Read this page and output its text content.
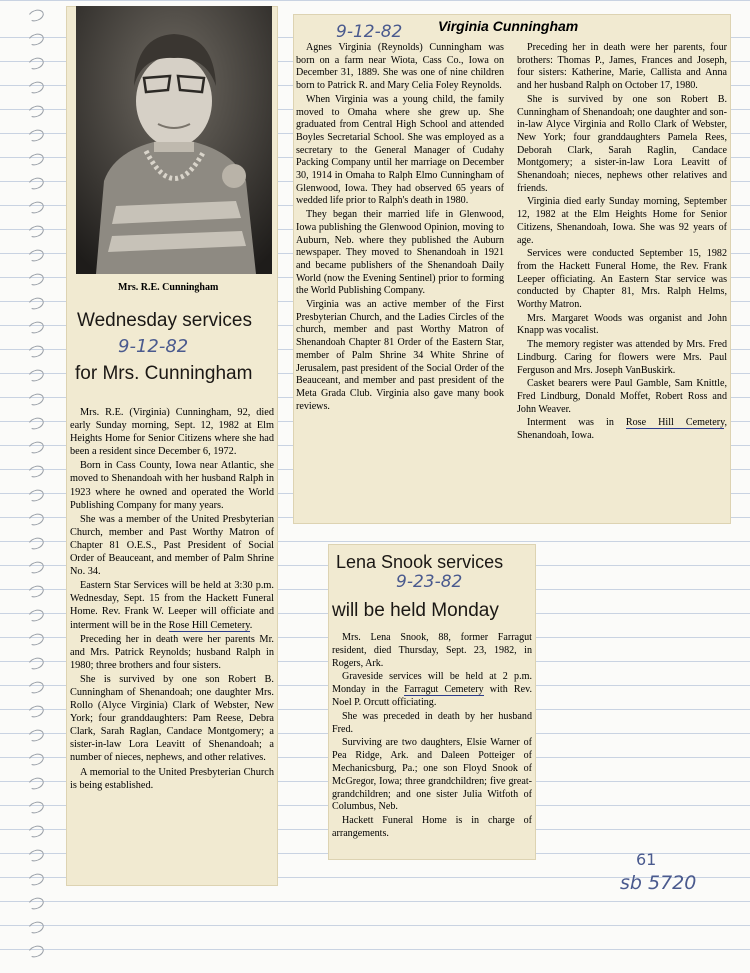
Mrs. R.E. Cunningham
Wednesday services
9-12-82
for Mrs. Cunningham

Mrs. R.E. (Virginia) Cunningham, 92, died early Sunday morning, Sept. 12, 1982 at Elm Heights Home for Senior Citizens where she had been a resident since December 6, 1972.

Born in Cass County, Iowa near Atlantic, she moved to Shenandoah with her husband Ralph in 1923 where he owned and operated the World Publishing Company for many years.

She was a member of the United Presbyterian Church, member and Past Worthy Matron of Chapter 81 O.E.S., Past President of Social Order of Beauceant, and member of Palm Shrine No. 34.

Eastern Star Services will be held at 3:30 p.m. Wednesday, Sept. 15 from the Hackett Funeral Home. Rev. Frank W. Leeper will officiate and interment will be in the Rose Hill Cemetery.

Preceding her in death were her parents Mr. and Mrs. Patrick Reynolds; husband Ralph in 1980; three brothers and four sisters.

She is survived by one son Robert B. Cunningham of Shenandoah; one daughter Mrs. Rollo (Alyce Virginia) Clark of Webster, New York; four granddaughters: Pam Reese, Debra Clark, Sarah Raglan, Candace Montgomery; a sister-in-law Lora Leavitt of Shenandoah; a number of nieces, nephews, and other relatives.

A memorial to the United Presbyterian Church is being established.

9-12-82	Virginia Cunningham

Agnes Virginia (Reynolds) Cunningham was born on a farm near Wiota, Cass Co., Iowa on December 31, 1889. She was one of nine children born to Patrick R. and Mary Celia Foley Reynolds.

When Virginia was a young child, the family moved to Omaha where she grew up. She graduated from Central High School and attended Boyles Secretarial School. She was employed as a secretary to the General Manager of Cudahy Packing Company until her marriage on December 30, 1914 in Omaha to Ralph Elmo Cunningham of Glenwood, Iowa. They had observed 65 years of wedded life prior to Ralph's death in 1980.

They began their married life in Glenwood, Iowa publishing the Glenwood Opinion, moving to Auburn, Neb. where they published the Auburn newspaper. They moved to Shenandoah in 1921 and became publishers of the Shenandoah Daily World (now the Evening Sentinel) prior to forming the World Publishing Company.

Virginia was an active member of the First Presbyterian Church, and the Ladies Circles of the church, member and past Worthy Matron of Shenandoah Chapter 81 Order of the Eastern Star, member of Palm Shrine 34 White Shrine of Jerusalem, past president of the Social Order of the Beauceant, and member and past president of the Meta Grada Club. Virginia also gave many book reviews.

Preceding her in death were her parents, four brothers: Thomas P., James, Frances and Joseph, four sisters: Katherine, Marie, Callista and Anna and her husband Ralph on October 17, 1980.

She is survived by one son Robert B. Cunningham of Shenandoah; one daughter and son-in-law Alyce Virginia and Rollo Clark of Webster, New York; four granddaughters Pamela Rees, Deborah Clark, Sarah Raglin, Candace Montgomery; a sister-in-law Lora Leavitt of Shenandoah; nieces, nephews other relatives and friends.

Virginia died early Sunday morning, September 12, 1982 at the Elm Heights Home for Senior Citizens, Shenandoah, Iowa. She was 92 years of age.

Services were conducted September 15, 1982 from the Hackett Funeral Home, the Rev. Frank Leeper officiating. An Eastern Star service was conducted by Chapter 81, Mrs. Ralph Helms, Worthy Matron.

Mrs. Margaret Woods was organist and John Knapp was vocalist.

The memory register was attended by Mrs. Fred Lindburg. Caring for flowers were Mrs. Paul Ferguson and Mrs. Joseph VanBuskirk.

Casket bearers were Paul Gamble, Sam Knittle, Fred Lindburg, Donald Moffet, Robert Ross and John Weaver.

Interment was in Rose Hill Cemetery, Shenandoah, Iowa.

Lena Snook services
9-23-82
will be held Monday

Mrs. Lena Snook, 88, former Farragut resident, died Thursday, Sept. 23, 1982, in Rogers, Ark.

Graveside services will be held at 2 p.m. Monday in the Farragut Cemetery with Rev. Noel P. Orcutt officiating.

She was preceded in death by her husband Fred.

Surviving are two daughters, Elsie Warner of Pea Ridge, Ark. and Daleen Potteiger of Mechanicsburg, Pa.; one son Floyd Snook of McGregor, Iowa; three grandchildren; five great-grandchildren; and one sister Julia Witfoth of Columbus, Neb.

Hackett Funeral Home is in charge of arrangements.

61
sb 5720
